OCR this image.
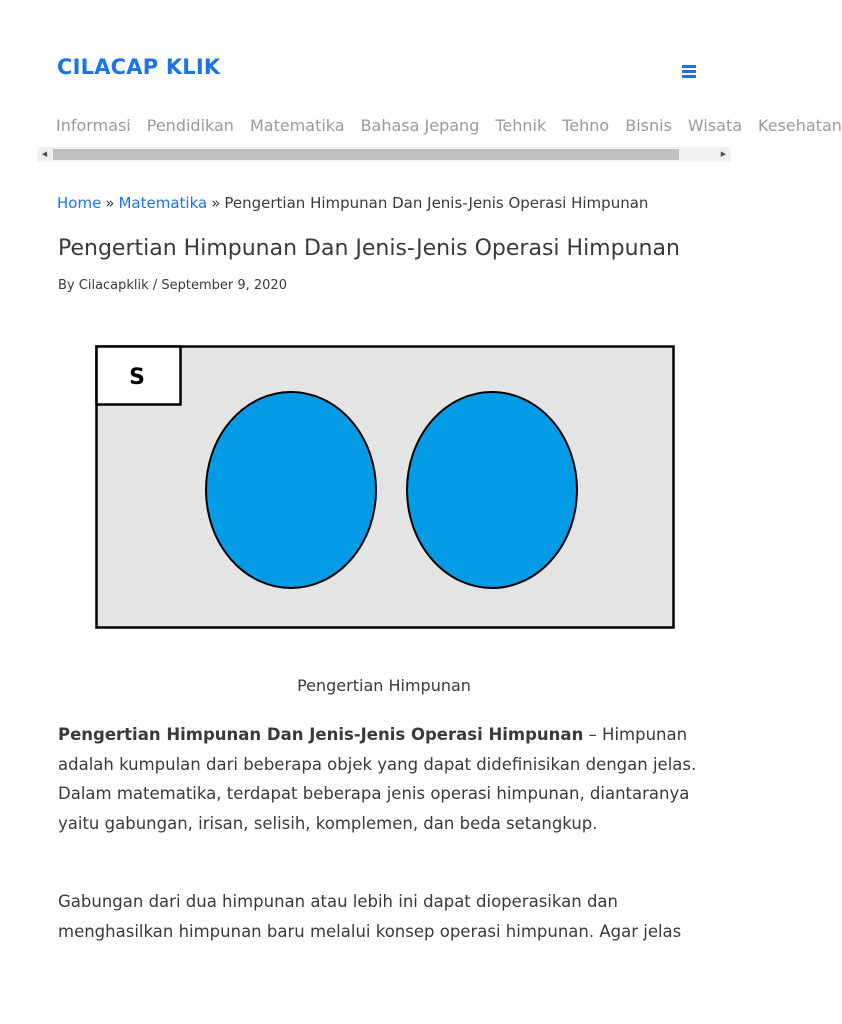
CILACAP KLIK
Informasi Pendidikan Matematika Bahasa Jepang Tehnik Tehno Bisnis Wisata Kesehatan
◀	▶
Home » Matematika » Pengertian Himpunan Dan Jenis-Jenis Operasi Himpunan
Pengertian Himpunan Dan Jenis-Jenis Operasi Himpunan
By Cilacapklik / September 9, 2020
S
Pengertian Himpunan

Pengertian Himpunan Dan Jenis-Jenis Operasi Himpunan – Himpunan adalah kumpulan dari beberapa objek yang dapat didefinisikan dengan jelas. Dalam matematika, terdapat beberapa jenis operasi himpunan, diantaranya yaitu gabungan, irisan, selisih, komplemen, dan beda setangkup.

Gabungan dari dua himpunan atau lebih ini dapat dioperasikan dan menghasilkan himpunan baru melalui konsep operasi himpunan. Agar jelas
